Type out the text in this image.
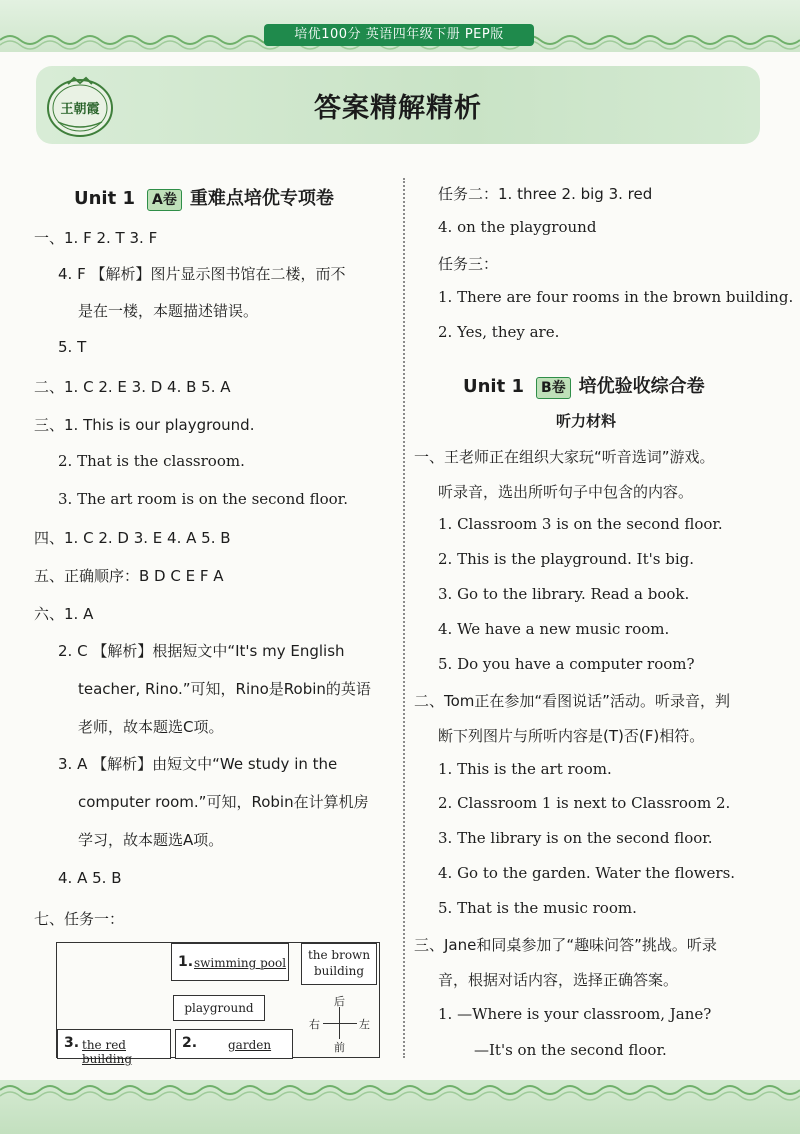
培优100分 英语四年级下册 PEP版
答案精解精析
王朝霞
Unit 1 A卷 重难点培优专项卷
一、1. F 2. T 3. F
4. F 【解析】图片显示图书馆在二楼，而不
是在一楼，本题描述错误。
5. T
二、1. C 2. E 3. D 4. B 5. A
三、1. This is our playground.
2. That is the classroom.
3. The art room is on the second floor.
四、1. C 2. D 3. E 4. A 5. B
五、正确顺序：B D C E F A
六、1. A
2. C 【解析】根据短文中“It's my English
teacher, Rino.”可知，Rino是Robin的英语
老师，故本题选C项。
3. A 【解析】由短文中“We study in the
computer room.”可知，Robin在计算机房
学习，故本题选A项。
4. A 5. B
七、任务一：
1. swimming pool
the brown building
playground
3. the red building
2.	garden
后
前
右	左
任务二：1. three 2. big 3. red
4. on the playground
任务三：
1. There are four rooms in the brown building.
2. Yes, they are.
Unit 1 B卷 培优验收综合卷
听力材料
一、王老师正在组织大家玩“听音选词”游戏。
听录音，选出所听句子中包含的内容。
1. Classroom 3 is on the second floor.
2. This is the playground. It's big.
3. Go to the library. Read a book.
4. We have a new music room.
5. Do you have a computer room?
二、Tom正在参加“看图说话”活动。听录音，判
断下列图片与所听内容是(T)否(F)相符。
1. This is the art room.
2. Classroom 1 is next to Classroom 2.
3. The library is on the second floor.
4. Go to the garden. Water the flowers.
5. That is the music room.
三、Jane和同桌参加了“趣味问答”挑战。听录
音，根据对话内容，选择正确答案。
1. —Where is your classroom, Jane?
—It's on the second floor.
